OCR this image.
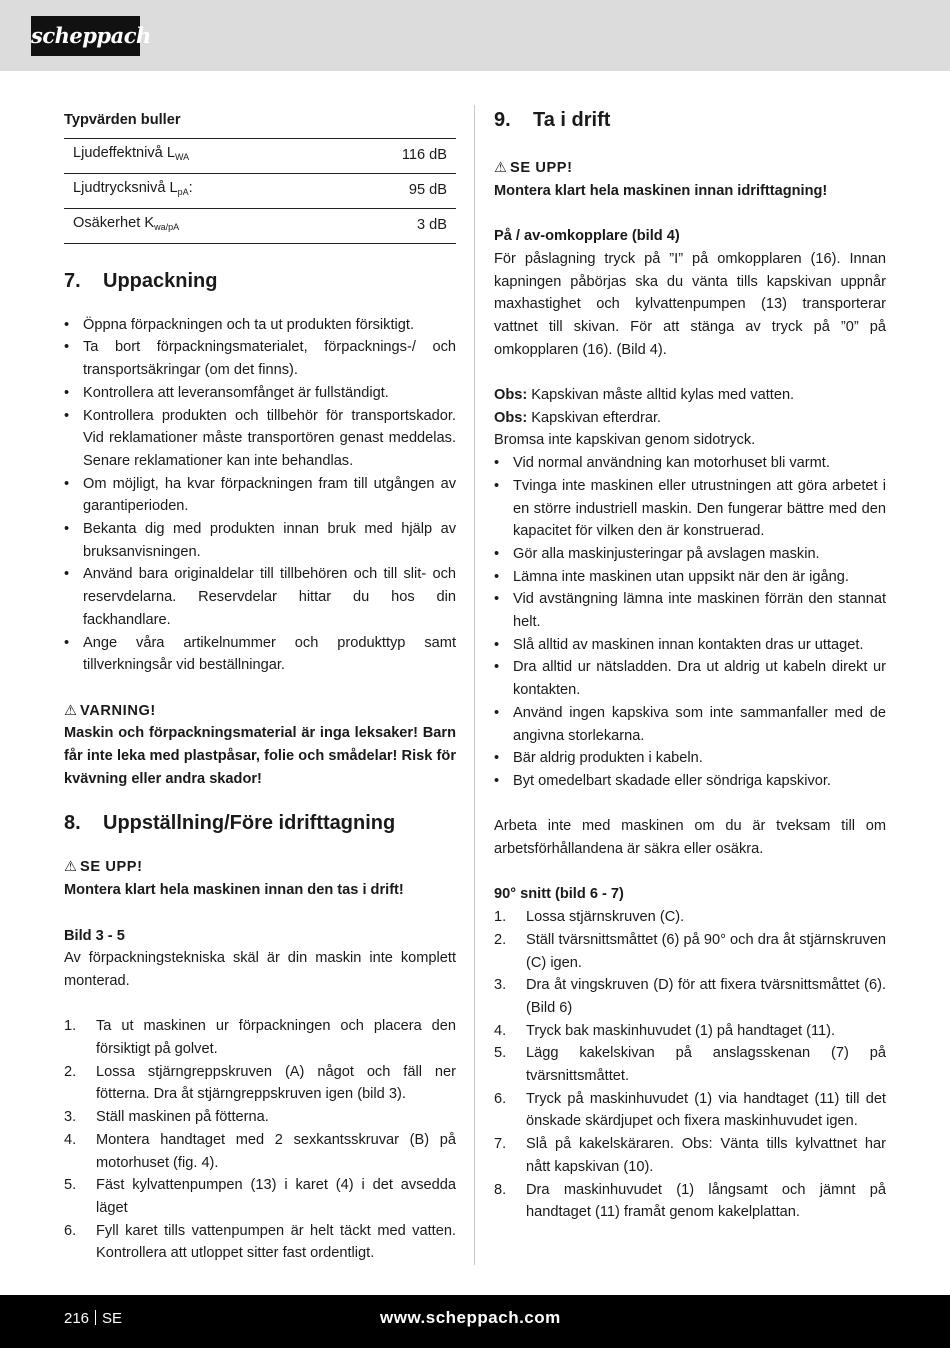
scheppach
Typvärden buller
Ljudeffektnivå $L_{WA}$	116 dB
Ljudtrycksnivå $L_{pA}$:	95 dB
Osäkerhet $K_{wa/pA}$	3 dB
7.	Uppackning
• Öppna förpackningen och ta ut produkten försiktigt.
• Ta bort förpackningsmaterialet, förpacknings-/ och transportsäkringar (om det finns).
• Kontrollera att leveransomfånget är fullständigt.
• Kontrollera produkten och tillbehör för transportskador. Vid reklamationer måste transportören genast meddelas. Senare reklamationer kan inte behandlas.
• Om möjligt, ha kvar förpackningen fram till utgången av garantiperioden.
• Bekanta dig med produkten innan bruk med hjälp av bruksanvisningen.
• Använd bara originaldelar till tillbehören och till slit- och reservdelarna. Reservdelar hittar du hos din fackhandlare.
• Ange våra artikelnummer och produkttyp samt tillverkningsår vid beställningar.
⚠ VARNING!
Maskin och förpackningsmaterial är inga leksaker! Barn får inte leka med plastpåsar, folie och smådelar! Risk för kvävning eller andra skador!
8.	Uppställning/Före idrifttagning
⚠ SE UPP!
Montera klart hela maskinen innan den tas i drift!
Bild 3 - 5
Av förpackningstekniska skäl är din maskin inte komplett monterad.
1. Ta ut maskinen ur förpackningen och placera den försiktigt på golvet.
2. Lossa stjärngreppskruven (A) något och fäll ner fötterna. Dra åt stjärngreppskruven igen (bild 3).
3. Ställ maskinen på fötterna.
4. Montera handtaget med 2 sexkantsskruvar (B) på motorhuset (fig. 4).
5. Fäst kylvattenpumpen (13) i karet (4) i det avsedda läget
6. Fyll karet tills vattenpumpen är helt täckt med vatten. Kontrollera att utloppet sitter fast ordentligt.
9.	Ta i drift
⚠ SE UPP!
Montera klart hela maskinen innan idrifttagning!
På / av-omkopplare (bild 4)
För påslagning tryck på ”I” på omkopplaren (16). Innan kapningen påbörjas ska du vänta tills kapskivan uppnår maxhastighet och kylvattenpumpen (13) transporterar vattnet till skivan. För att stänga av tryck på ”0” på omkopplaren (16). (Bild 4).
Obs: Kapskivan måste alltid kylas med vatten.
Obs: Kapskivan efterdrar.
Bromsa inte kapskivan genom sidotryck.
• Vid normal användning kan motorhuset bli varmt.
• Tvinga inte maskinen eller utrustningen att göra arbetet i en större industriell maskin. Den fungerar bättre med den kapacitet för vilken den är konstruerad.
• Gör alla maskinjusteringar på avslagen maskin.
• Lämna inte maskinen utan uppsikt när den är igång.
• Vid avstängning lämna inte maskinen förrän den stannat helt.
• Slå alltid av maskinen innan kontakten dras ur uttaget.
• Dra alltid ur nätsladden. Dra ut aldrig ut kabeln direkt ur kontakten.
• Använd ingen kapskiva som inte sammanfaller med de angivna storlekarna.
• Bär aldrig produkten i kabeln.
• Byt omedelbart skadade eller söndriga kapskivor.
Arbeta inte med maskinen om du är tveksam till om arbetsförhållandena är säkra eller osäkra.
90° snitt (bild 6 - 7)
1. Lossa stjärnskruven (C).
2. Ställ tvärsnittsmåttet (6) på 90° och dra åt stjärnskruven (C) igen.
3. Dra åt vingskruven (D) för att fixera tvärsnittsmåttet (6). (Bild 6)
4. Tryck bak maskinhuvudet (1) på handtaget (11).
5. Lägg kakelskivan på anslagsskenan (7) på tvärsnittsmåttet.
6. Tryck på maskinhuvudet (1) via handtaget (11) till det önskade skärdjupet och fixera maskinhuvudet igen.
7. Slå på kakelskäraren. Obs: Vänta tills kylvattnet har nått kapskivan (10).
8. Dra maskinhuvudet (1) långsamt och jämnt på handtaget (11) framåt genom kakelplattan.
216 SE	www.scheppach.com
